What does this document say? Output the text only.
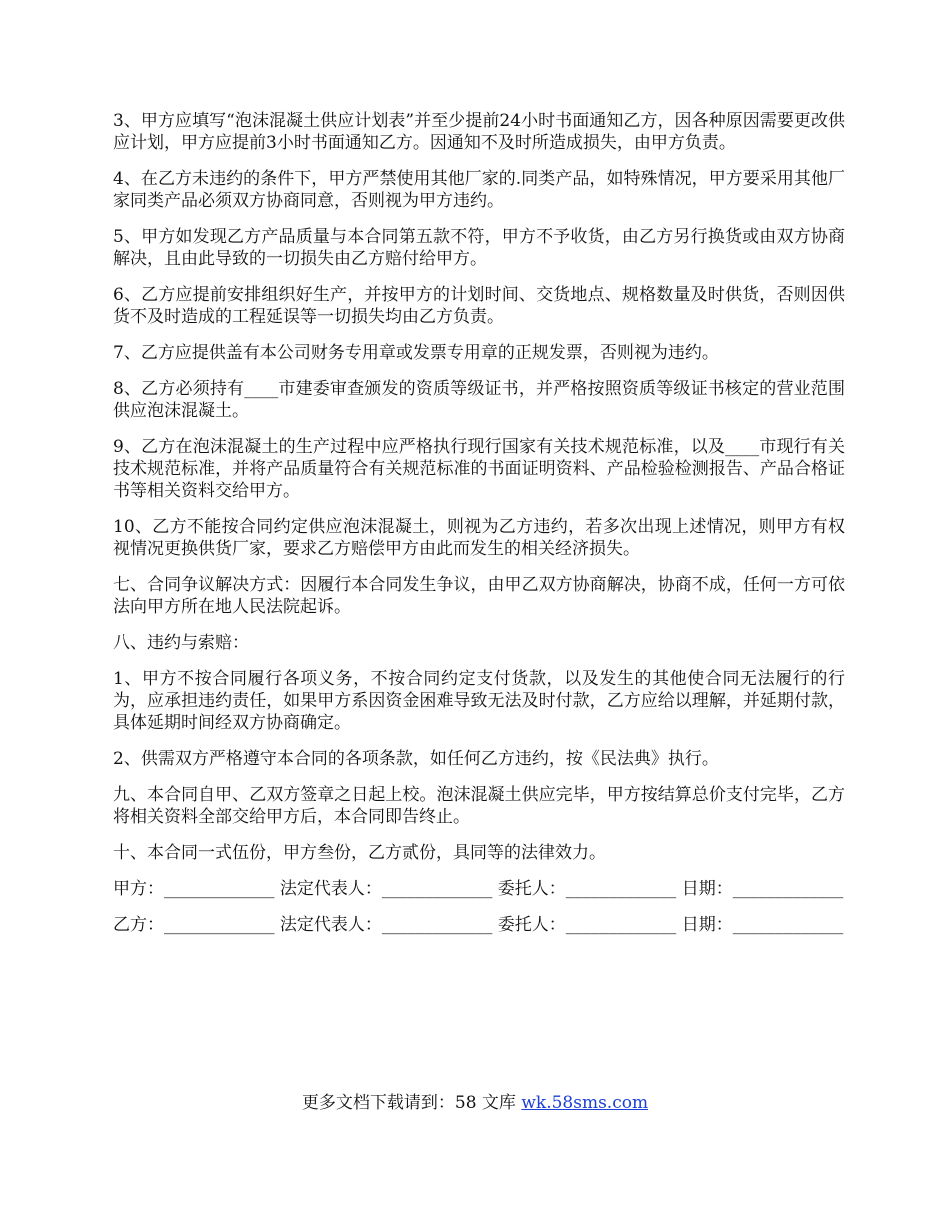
3、甲方应填写“泡沫混凝土供应计划表”并至少提前24小时书面通知乙方，因各种原因需要更改供应计划，甲方应提前3小时书面通知乙方。因通知不及时所造成损失，由甲方负责。

4、在乙方未违约的条件下，甲方严禁使用其他厂家的.同类产品，如特殊情况，甲方要采用其他厂家同类产品必须双方协商同意，否则视为甲方违约。

5、甲方如发现乙方产品质量与本合同第五款不符，甲方不予收货，由乙方另行换货或由双方协商解决，且由此导致的一切损失由乙方赔付给甲方。

6、乙方应提前安排组织好生产，并按甲方的计划时间、交货地点、规格数量及时供货，否则因供货不及时造成的工程延误等一切损失均由乙方负责。

7、乙方应提供盖有本公司财务专用章或发票专用章的正规发票，否则视为违约。

8、乙方必须持有____市建委审查颁发的资质等级证书，并严格按照资质等级证书核定的营业范围供应泡沫混凝土。

9、乙方在泡沫混凝土的生产过程中应严格执行现行国家有关技术规范标准，以及____市现行有关技术规范标准，并将产品质量符合有关规范标准的书面证明资料、产品检验检测报告、产品合格证书等相关资料交给甲方。

10、乙方不能按合同约定供应泡沫混凝土，则视为乙方违约，若多次出现上述情况，则甲方有权视情况更换供货厂家，要求乙方赔偿甲方由此而发生的相关经济损失。

七、合同争议解决方式：因履行本合同发生争议，由甲乙双方协商解决，协商不成，任何一方可依法向甲方所在地人民法院起诉。

八、违约与索赔：

1、甲方不按合同履行各项义务，不按合同约定支付货款，以及发生的其他使合同无法履行的行为，应承担违约责任，如果甲方系因资金困难导致无法及时付款，乙方应给以理解，并延期付款，具体延期时间经双方协商确定。

2、供需双方严格遵守本合同的各项条款，如任何乙方违约，按《民法典》执行。

九、本合同自甲、乙双方签章之日起上校。泡沫混凝土供应完毕，甲方按结算总价支付完毕，乙方将相关资料全部交给甲方后，本合同即告终止。

十、本合同一式伍份，甲方叁份，乙方贰份，具同等的法律效力。

甲方：_____________ 法定代表人：_____________ 委托人：_____________ 日期：_____________

乙方：_____________ 法定代表人：_____________ 委托人：_____________ 日期：_____________

更多文档下载请到：58 文库 wk.58sms.com
